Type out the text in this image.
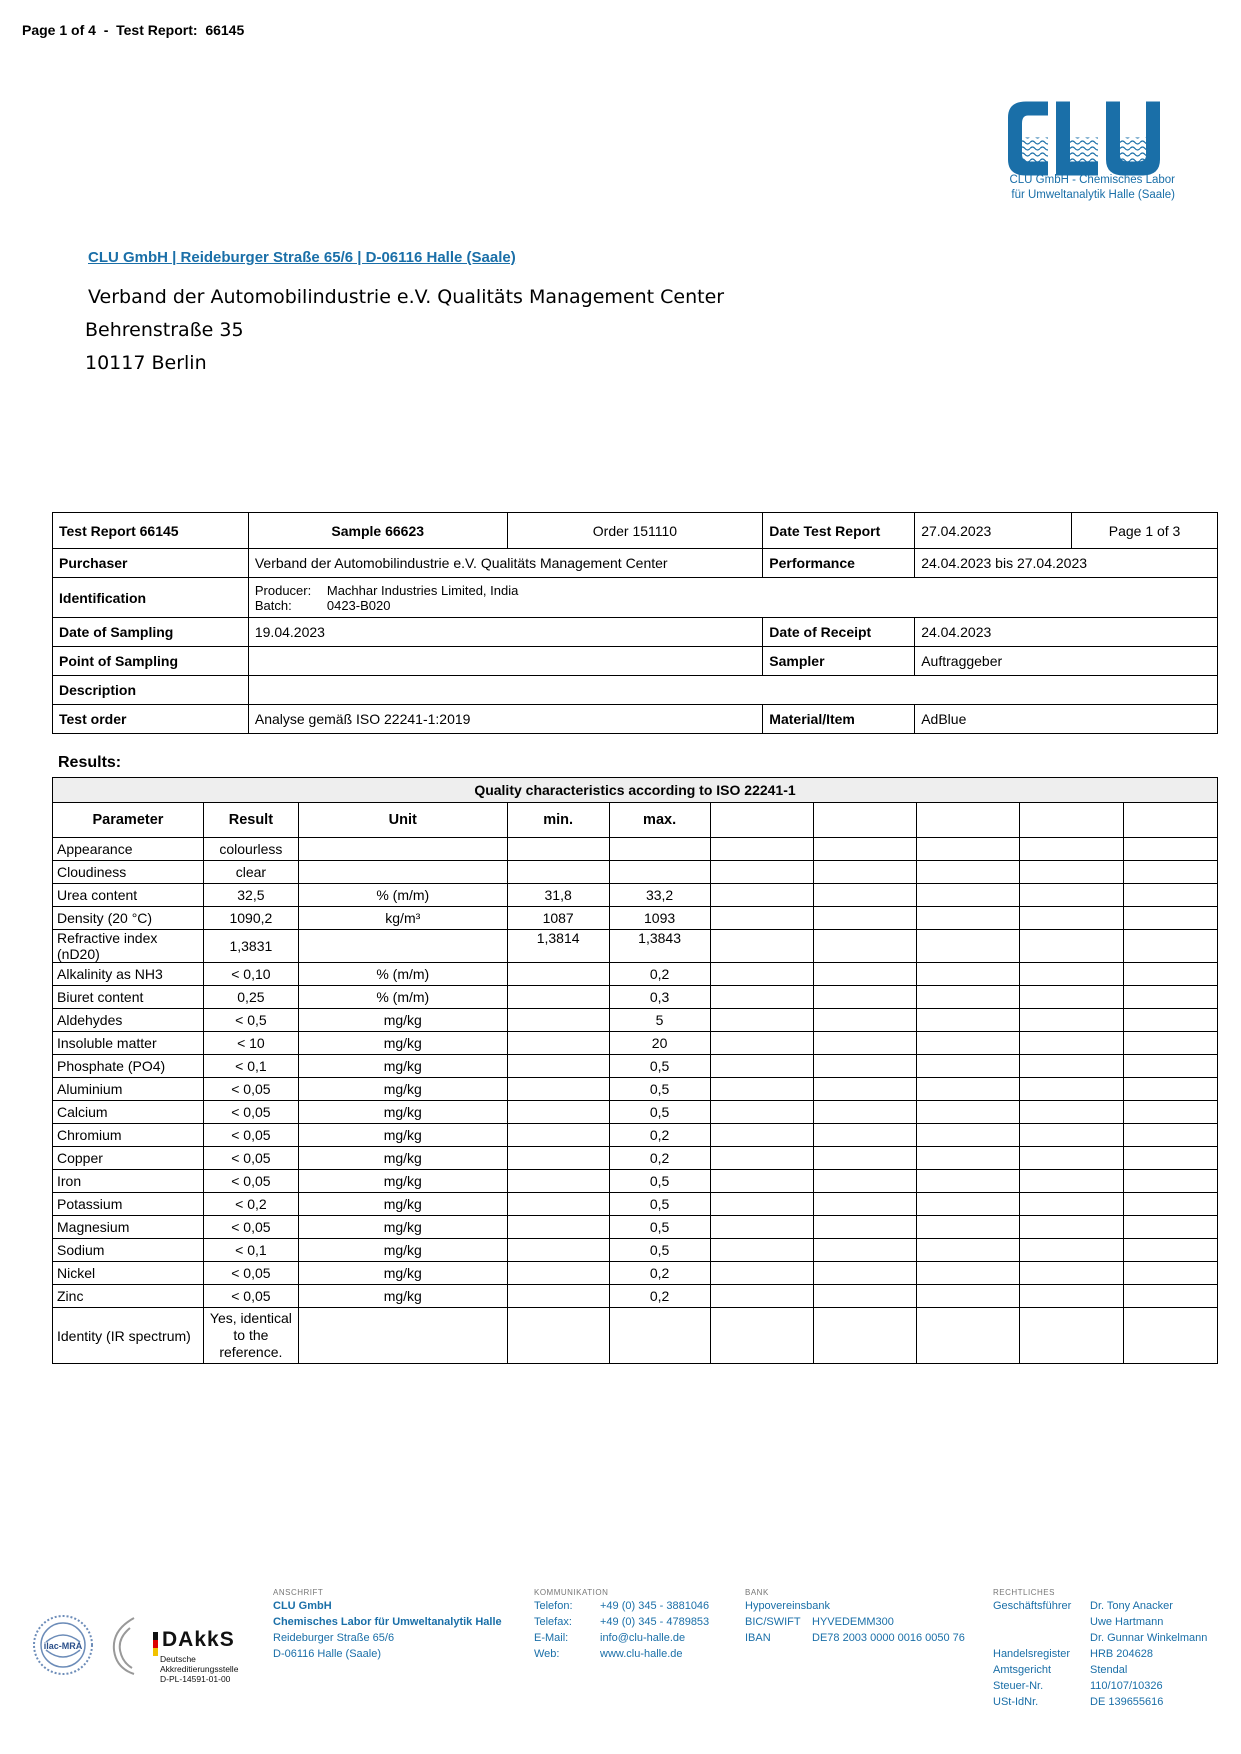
Page 1 of 4  -  Test Report:  66145
CLU
CLU GmbH - Chemisches Labor
für Umweltanalytik Halle (Saale)
CLU GmbH | Reideburger Straße 65/6 | D-06116 Halle (Saale)
Verband der Automobilindustrie e.V. Qualitäts Management Center
Behrenstraße 35
10117 Berlin
Test Report 66145	Sample 66623	Order 151110	Date Test Report	27.04.2023	Page 1 of 3
Purchaser	Verband der Automobilindustrie e.V. Qualitäts Management Center		Performance	24.04.2023 bis 27.04.2023	
Identification	Producer: Machhar Industries Limited, India
Batch: 0423-B020				

Date of Sampling	19.04.2023		Date of Receipt	24.04.2023	
Point of Sampling			Sampler	Auftraggeber	
Description					
Test order	Analyse gemäß ISO 22241-1:2019		Material/Item	AdBlue	
Results:
Quality characteristics according to ISO 22241-1									
Parameter	Result	Unit	min.	max.					
Appearance	colourless								
Cloudiness	clear								
Urea content	32,5	% (m/m)	31,8	33,2					
Density (20 °C)	1090,2	kg/m³	1087	1093					
Refractive index (nD20)	1,3831		1,3814	1,3843					
Alkalinity as NH3	< 0,10	% (m/m)		0,2					
Biuret content	0,25	% (m/m)		0,3					
Aldehydes	< 0,5	mg/kg		5					
Insoluble matter	< 10	mg/kg		20					
Phosphate (PO4)	< 0,1	mg/kg		0,5					
Aluminium	< 0,05	mg/kg		0,5					
Calcium	< 0,05	mg/kg		0,5					
Chromium	< 0,05	mg/kg		0,2					
Copper	< 0,05	mg/kg		0,2					
Iron	< 0,05	mg/kg		0,5					
Potassium	< 0,2	mg/kg		0,5					
Magnesium	< 0,05	mg/kg		0,5					
Sodium	< 0,1	mg/kg		0,5					
Nickel	< 0,05	mg/kg		0,2					
Zinc	< 0,05	mg/kg		0,2					
Identity (IR spectrum)	Yes, identical to the reference.								
ilac-MRA	DAkkS
Deutsche
Akkreditierungsstelle
D-PL-14591-01-00
ANSCHRIFT
CLU GmbH
Chemisches Labor für Umweltanalytik Halle
Reideburger Straße 65/6
D-06116 Halle (Saale)
KOMMUNIKATION
Telefon:	+49 (0) 345 - 3881046
Telefax:	+49 (0) 345 - 4789853
E-Mail:	info@clu-halle.de
Web:	www.clu-halle.de
BANK
Hypovereinsbank
BIC/SWIFT	HYVEDEMM300
IBAN	DE78 2003 0000 0016 0050 76
RECHTLICHES
Geschäftsführer	Dr. Tony Anacker
Uwe Hartmann
Dr. Gunnar Winkelmann
Handelsregister	HRB 204628
Amtsgericht	Stendal
Steuer-Nr.	110/107/10326
USt-IdNr.	DE 139655616
